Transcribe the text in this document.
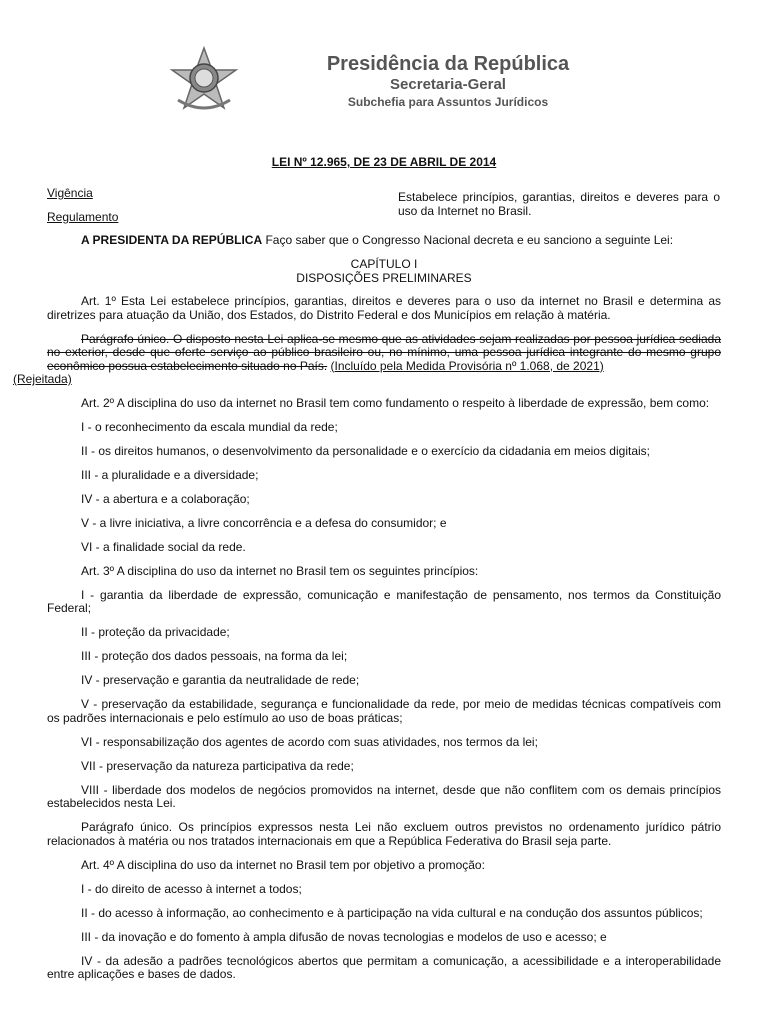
Presidência da República
Secretaria-Geral
Subchefia para Assuntos Jurídicos
LEI Nº 12.965, DE 23 DE ABRIL DE 2014
Vigência
Regulamento
Estabelece princípios, garantias, direitos e deveres para o uso da Internet no Brasil.

A PRESIDENTA DA REPÚBLICA Faço saber que o Congresso Nacional decreta e eu sanciono a seguinte Lei:

CAPÍTULO I
DISPOSIÇÕES PRELIMINARES

Art. 1º Esta Lei estabelece princípios, garantias, direitos e deveres para o uso da internet no Brasil e determina as diretrizes para atuação da União, dos Estados, do Distrito Federal e dos Municípios em relação à matéria.

Parágrafo único. O disposto nesta Lei aplica-se mesmo que as atividades sejam realizadas por pessoa jurídica sediada no exterior, desde que oferte serviço ao público brasileiro ou, no mínimo, uma pessoa jurídica integrante do mesmo grupo econômico possua estabelecimento situado no País. (Incluído pela Medida Provisória nº 1.068, de 2021)
(Rejeitada)

Art. 2º A disciplina do uso da internet no Brasil tem como fundamento o respeito à liberdade de expressão, bem como:

I - o reconhecimento da escala mundial da rede;

II - os direitos humanos, o desenvolvimento da personalidade e o exercício da cidadania em meios digitais;

III - a pluralidade e a diversidade;

IV - a abertura e a colaboração;

V - a livre iniciativa, a livre concorrência e a defesa do consumidor; e

VI - a finalidade social da rede.

Art. 3º A disciplina do uso da internet no Brasil tem os seguintes princípios:

I - garantia da liberdade de expressão, comunicação e manifestação de pensamento, nos termos da Constituição Federal;

II - proteção da privacidade;

III - proteção dos dados pessoais, na forma da lei;

IV - preservação e garantia da neutralidade de rede;

V - preservação da estabilidade, segurança e funcionalidade da rede, por meio de medidas técnicas compatíveis com os padrões internacionais e pelo estímulo ao uso de boas práticas;

VI - responsabilização dos agentes de acordo com suas atividades, nos termos da lei;

VII - preservação da natureza participativa da rede;

VIII - liberdade dos modelos de negócios promovidos na internet, desde que não conflitem com os demais princípios estabelecidos nesta Lei.

Parágrafo único. Os princípios expressos nesta Lei não excluem outros previstos no ordenamento jurídico pátrio relacionados à matéria ou nos tratados internacionais em que a República Federativa do Brasil seja parte.

Art. 4º A disciplina do uso da internet no Brasil tem por objetivo a promoção:

I - do direito de acesso à internet a todos;

II - do acesso à informação, ao conhecimento e à participação na vida cultural e na condução dos assuntos públicos;

III - da inovação e do fomento à ampla difusão de novas tecnologias e modelos de uso e acesso; e

IV - da adesão a padrões tecnológicos abertos que permitam a comunicação, a acessibilidade e a interoperabilidade entre aplicações e bases de dados.
